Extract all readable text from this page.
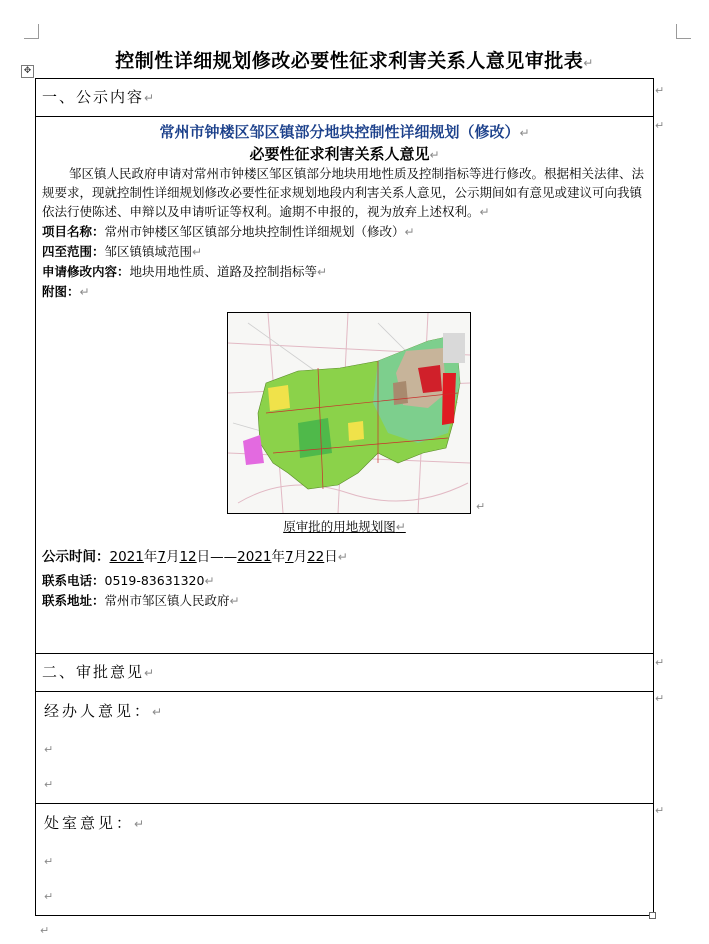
✥	控制性详细规划修改必要性征求利害关系人意见审批表↵
一、公示内容↵

常州市钟楼区邹区镇部分地块控制性详细规划（修改）↵
必要性征求利害关系人意见↵

邹区镇人民政府申请对常州市钟楼区邹区镇部分地块用地性质及控制指标等进行修改。根据相关法律、法规要求，现就控制性详细规划修改必要性征求规划地段内利害关系人意见，公示期间如有意见或建议可向我镇依法行使陈述、申辩以及申请听证等权利。逾期不申报的，视为放弃上述权利。↵

项目名称：常州市钟楼区邹区镇部分地块控制性详细规划（修改）↵
四至范围：邹区镇镇域范围↵
申请修改内容：地块用地性质、道路及控制指标等↵
附图：↵
原审批的用地规划图↵
公示时间：2021年7月12日——2021年7月22日↵
联系电话：0519-83631320↵
联系地址：常州市邹区镇人民政府↵

二、审批意见↵
经办人意见：↵
↵
↵

处室意见：↵
↵
↵
↵
↵
↵
↵
↵
↵
↵
